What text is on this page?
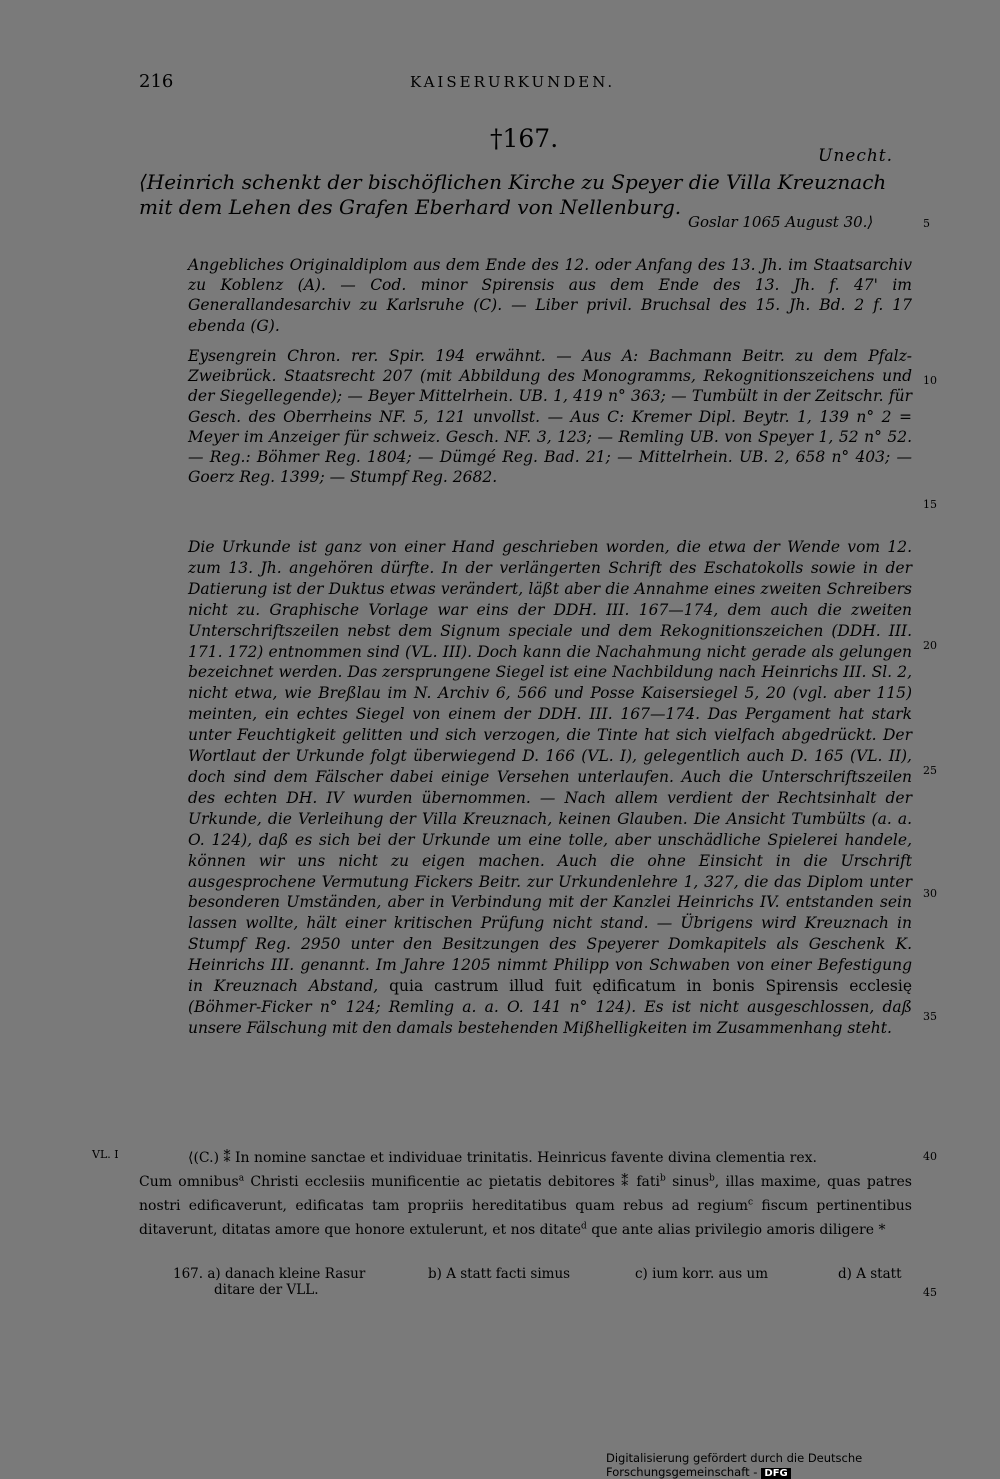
216	KAISERURKUNDEN.
†167.
Unecht.
⟨Heinrich schenkt der bischöflichen Kirche zu Speyer die Villa Kreuznach mit dem Lehen des Grafen Eberhard von Nellenburg.
Goslar 1065 August 30.⟩	5
10
15
20
25
30
35
40
45
Angebliches Originaldiplom aus dem Ende des 12. oder Anfang des 13. Jh. im Staatsarchiv zu Koblenz (A). — Cod. minor Spirensis aus dem Ende des 13. Jh. f. 47' im Generallandesarchiv zu Karlsruhe (C). — Liber privil. Bruchsal des 15. Jh. Bd. 2 f. 17 ebenda (G).
Eysengrein Chron. rer. Spir. 194 erwähnt. — Aus A: Bachmann Beitr. zu dem Pfalz-Zweibrück. Staatsrecht 207 (mit Abbildung des Monogramms, Rekognitionszeichens und der Siegellegende); — Beyer Mittelrhein. UB. 1, 419 n° 363; — Tumbült in der Zeitschr. für Gesch. des Oberrheins NF. 5, 121 unvollst. — Aus C: Kremer Dipl. Beytr. 1, 139 n° 2 = Meyer im Anzeiger für schweiz. Gesch. NF. 3, 123; — Remling UB. von Speyer 1, 52 n° 52. — Reg.: Böhmer Reg. 1804; — Dümgé Reg. Bad. 21; — Mittelrhein. UB. 2, 658 n° 403; — Goerz Reg. 1399; — Stumpf Reg. 2682.
Die Urkunde ist ganz von einer Hand geschrieben worden, die etwa der Wende vom 12. zum 13. Jh. angehören dürfte. In der verlängerten Schrift des Eschatokolls sowie in der Datierung ist der Duktus etwas verändert, läßt aber die Annahme eines zweiten Schreibers nicht zu. Graphische Vorlage war eins der DDH. III. 167—174, dem auch die zweiten Unterschriftszeilen nebst dem Signum speciale und dem Rekognitionszeichen (DDH. III. 171. 172) entnommen sind (VL. III). Doch kann die Nachahmung nicht gerade als gelungen bezeichnet werden. Das zersprungene Siegel ist eine Nachbildung nach Heinrichs III. Sl. 2, nicht etwa, wie Breßlau im N. Archiv 6, 566 und Posse Kaisersiegel 5, 20 (vgl. aber 115) meinten, ein echtes Siegel von einem der DDH. III. 167—174. Das Pergament hat stark unter Feuchtigkeit gelitten und sich verzogen, die Tinte hat sich vielfach abgedrückt. Der Wortlaut der Urkunde folgt überwiegend D. 166 (VL. I), gelegentlich auch D. 165 (VL. II), doch sind dem Fälscher dabei einige Versehen unterlaufen. Auch die Unterschriftszeilen des echten DH. IV wurden übernommen. — Nach allem verdient der Rechtsinhalt der Urkunde, die Verleihung der Villa Kreuznach, keinen Glauben. Die Ansicht Tumbülts (a. a. O. 124), daß es sich bei der Urkunde um eine tolle, aber unschädliche Spielerei handele, können wir uns nicht zu eigen machen. Auch die ohne Einsicht in die Urschrift ausgesprochene Vermutung Fickers Beitr. zur Urkundenlehre 1, 327, die das Diplom unter besonderen Umständen, aber in Verbindung mit der Kanzlei Heinrichs IV. entstanden sein lassen wollte, hält einer kritischen Prüfung nicht stand. — Übrigens wird Kreuznach in Stumpf Reg. 2950 unter den Besitzungen des Speyerer Domkapitels als Geschenk K. Heinrichs III. genannt. Im Jahre 1205 nimmt Philipp von Schwaben von einer Befestigung in Kreuznach Abstand, quia castrum illud fuit ędificatum in bonis Spirensis ecclesię (Böhmer-Ficker n° 124; Remling a. a. O. 141 n° 124). Es ist nicht ausgeschlossen, daß unsere Fälschung mit den damals bestehenden Mißhelligkeiten im Zusammenhang steht.
VL. I	⟨(C.) ⁑ In nomine sanctae et individuae trinitatis. Heinricus favente divina clementia rex.
Cum omnibus$^a$ Christi ecclesiis munificentie ac pietatis debitores ⁑ fati$^b$ sinus$^b$, illas maxime, quas patres nostri edificaverunt, edificatas tam propriis hereditatibus quam rebus ad regium$^c$ fiscum pertinentibus ditaverunt, ditatas amore que honore extulerunt, et nos ditate$^d$ que ante alias privilegio amoris diligere *
167. a) danach kleine Rasur	b) A statt facti simus	c) ium korr. aus um	d) A statt
ditare der VLL.
Digitalisierung gefördert durch die Deutsche Forschungsgemeinschaft - DFG
